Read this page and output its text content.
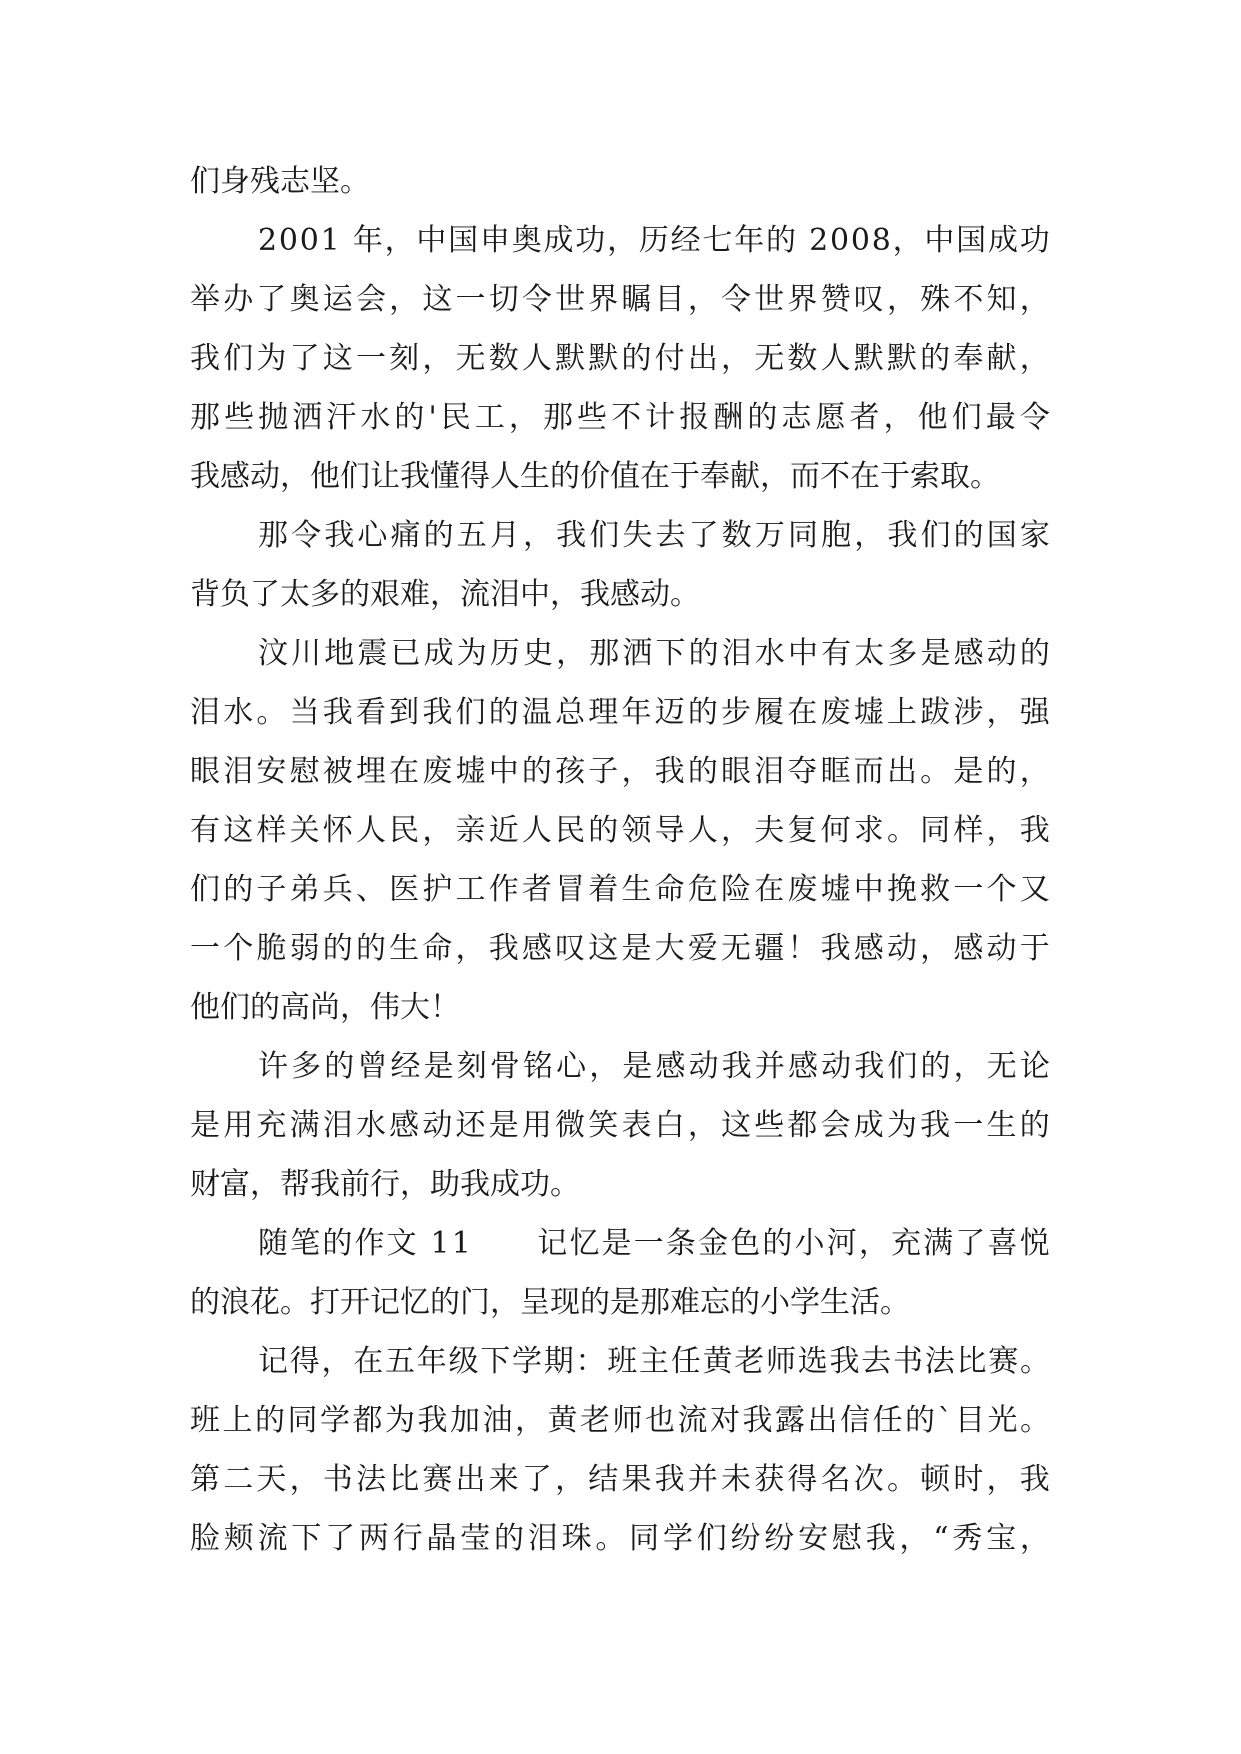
们身残志坚。
2 0 0 1
年 ， 中 国 申 奥 成 功 ， 历 经 七 年 的
2 0 0 8 ， 中 国 成 功
举 办 了 奥 运 会 ， 这 一 切 令 世 界 瞩 目 ， 令 世 界 赞 叹 ， 殊 不 知 ，
我 们 为 了 这 一 刻 ， 无 数 人 默 默 的 付 出 ， 无 数 人 默 默 的 奉 献 ，
那 些 抛 洒 汗 水 的 ' 民 工 ， 那 些 不 计 报 酬 的 志 愿 者 ， 他 们 最 令
我感动，他们让我懂得人生的价值在于奉献，而不在于索取。
那 令 我 心 痛 的 五 月 ， 我 们 失 去 了 数 万 同 胞 ， 我 们 的 国 家
背负了太多的艰难，流泪中，我感动。
汶 川 地 震 已 成 为 历 史 ， 那 洒 下 的 泪 水 中 有 太 多 是 感 动 的
泪 水 。 当 我 看 到 我 们 的 温 总 理 年 迈 的 步 履 在 废 墟 上 跋 涉 ， 强
眼 泪 安 慰 被 埋 在 废 墟 中 的 孩 子 ， 我 的 眼 泪 夺 眶 而 出 。 是 的 ，
有 这 样 关 怀 人 民 ， 亲 近 人 民 的 领 导 人 ， 夫 复 何 求 。 同 样 ， 我
们 的 子 弟 兵 、 医 护 工 作 者 冒 着 生 命 危 险 在 废 墟 中 挽 救 一 个 又
一 个 脆 弱 的 的 生 命 ， 我 感 叹 这 是 大 爱 无 疆 ！ 我 感 动 ， 感 动 于
他们的高尚，伟大！
许 多 的 曾 经 是 刻 骨 铭 心 ， 是 感 动 我 并 感 动 我 们 的 ， 无 论
是 用 充 满 泪 水 感 动 还 是 用 微 笑 表 白 ， 这 些 都 会 成 为 我 一 生 的
财富，帮我前行，助我成功。
随 笔 的 作 文
1 1

　 记 忆 是 一 条 金 色 的 小 河 ， 充 满 了 喜 悦
的浪花。打开记忆的门，呈现的是那难忘的小学生活。
记 得 ， 在 五 年 级 下 学 期 ： 班 主 任 黄 老 师 选 我 去 书 法 比 赛 。
班 上 的 同 学 都 为 我 加 油 ， 黄 老 师 也 流 对 我 露 出 信 任 的 ` 目 光 。
第 二 天 ， 书 法 比 赛 出 来 了 ， 结 果 我 并 未 获 得 名 次 。 顿 时 ， 我
脸 颊 流 下 了 两 行 晶 莹 的 泪 珠 。 同 学 们 纷 纷 安 慰 我 ， “ 秀 宝 ，
